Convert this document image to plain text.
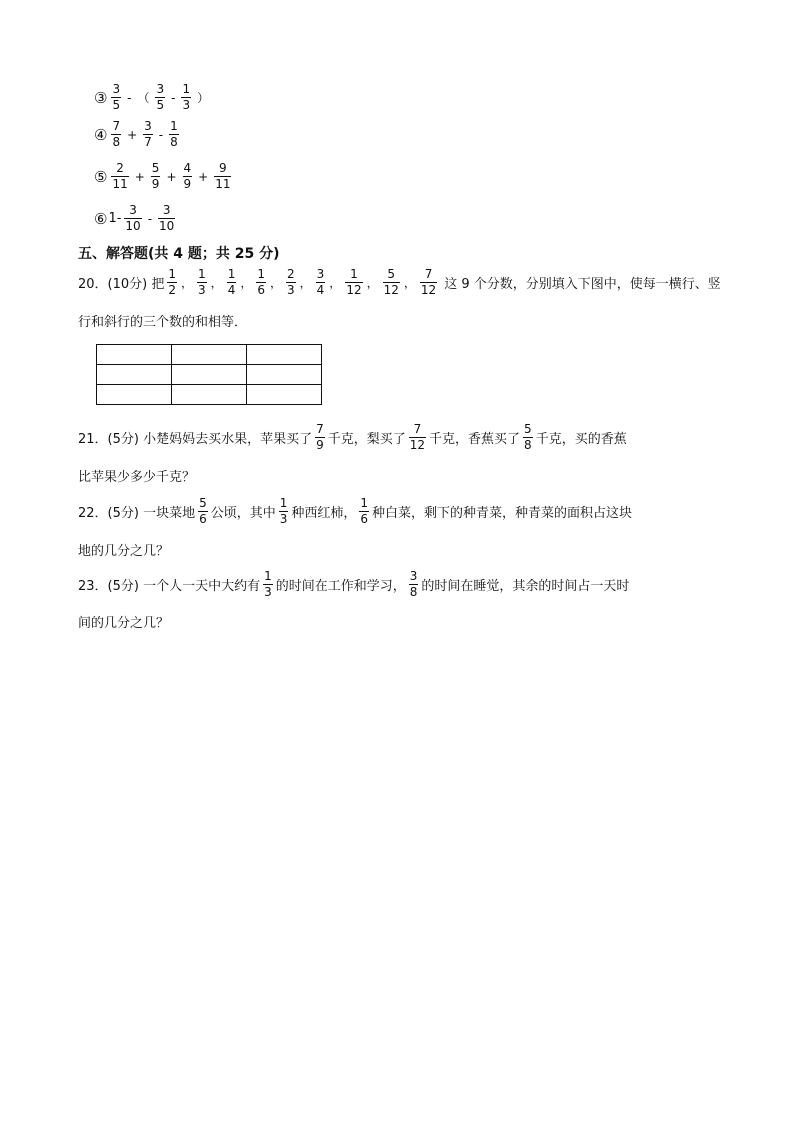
③ $\frac{3}{5}$ - （ $\frac{3}{5} - \frac{1}{3}$ ）
④ $\frac{7}{8} + \frac{3}{7} - \frac{1}{8}$
⑤ $\frac{2}{11} + \frac{5}{9} + \frac{4}{9} + \frac{9}{11}$
⑥ $1- \frac{3}{10} - \frac{3}{10}$
五、解答题(共 4 题；共 25 分)
20．(10分) 把 $\frac{1}{2}$ ， $\frac{1}{3}$ ， $\frac{1}{4}$ ， $\frac{1}{6}$ ， $\frac{2}{3}$ ， $\frac{3}{4}$ ， $\frac{1}{12}$ ， $\frac{5}{12}$ ， $\frac{7}{12}$ 这 9 个分数，分别填入下图中，使每一横行、竖
行和斜行的三个数的和相等．

21．(5分) 小楚妈妈去买水果，苹果买了 $\frac{7}{9}$ 千克，梨买了 $\frac{7}{12}$ 千克，香蕉买了 $\frac{5}{8}$ 千克，买的香蕉
比苹果少多少千克？
22．(5分) 一块菜地 $\frac{5}{6}$ 公顷，其中 $\frac{1}{3}$ 种西红柿， $\frac{1}{6}$ 种白菜，剩下的种青菜，种青菜的面积占这块
地的几分之几？
23．(5分) 一个人一天中大约有 $\frac{1}{3}$ 的时间在工作和学习， $\frac{3}{8}$ 的时间在睡觉，其余的时间占一天时
间的几分之几？
